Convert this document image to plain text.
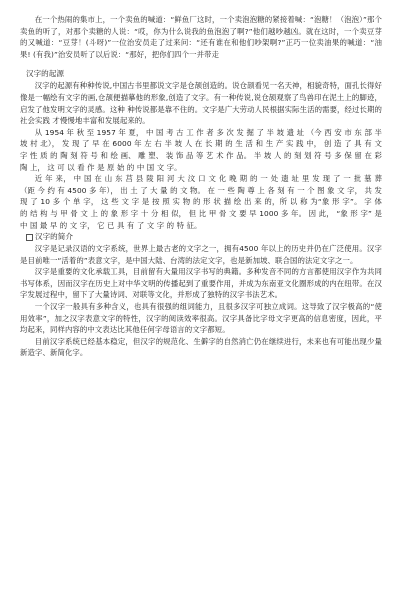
在一个热闹的集市上，一个卖鱼的喊道：“鲜鱼厂这时，一个卖泡泡糖的紧接着喊：“泡糖！（泡泡）”那个卖鱼的听了，对那个卖糖的人说：“哎，你为什么说我的鱼泡泡了啊?”他们越吵越凶。就在这时，一个卖豆芽的又喊道：“豆芽！(斗呀)”一位治安员走了过来问：“还有谁在和他们吵架啊?”正巧一位卖油果的喊道：“油果! (有我)”治安员听了以后说：“那好，把你们四个一并带走

汉字的起源

汉字的起源有种种传说,中国古书里都说文字是仓颉创造的。说仓颉看见一名天神，相貌奇特，面孔长得好像是一幅绘有文字的画,仓颉便描摹他的形象,创造了文字。有一种传说,说仓颉观察了鸟兽印在泥土上的脚迹，启发了他发明文字的灵感。这种 种传说都是靠不住的。文字是广大劳动人民根据实际生活的需要，经过长期的社会实践 才慢慢地丰富和发展起来的。

从 1954 年 秋 至 1957 年 夏， 中 国 考 古 工 作 者 多 次 发 掘 了 半 坡 遗 址 （今 西 安 市 东 部 半 坡 村 北）， 发 现 了 早 在 6000 年 左 右 半 坡 人 在 长 期 的 生 活 和 生 产 实 践 中， 创 造 了 具 有 文 字 性 质 的 陶 刻 符 号 和 绘 画、 雕 塑、 装 饰 品 等 艺 术 作 品。 半 坡 人 的 刻 划 符 号 多 保 留 在 彩 陶 上， 这 可 以 看 作 是 原 始 的 中 国 文 字。

近 年 来， 中 国 在 山 东 莒 县 陵 阳 河 大 汶 口 文 化 晚 期 的 一 处 遗 址 里 发 现 了 一 批 墓 葬 （距 今 约 有 4500 多 年）， 出 土 了 大 量 的 文 物。 在 一 些 陶 尊 上 各 刻 有 一 个 图 象 文 字， 共 发 现 了 10 多 个 单 字， 这 些 文 字 是 按 照 实 物 的 形 状 描 绘 出 来 的，所 以 称 为“象 形 字”。 字 体 的 结 构 与 甲 骨 文 上 的 象 形 字 十 分 相 似， 但 比 甲 骨 文 要 早 1000 多 年。 因 此， “象 形 字” 是 中 国 最 早 的 文 字， 它 已 具 有 了 文 字 的 特 征。

汉字的简介

汉字是记录汉语的文字系统，世界上最古老的文字之一，拥有4500 年以上的历史并仍在广泛使用。汉字是目前唯一“活着的”表意文字，是中国大陆、台湾的法定文字，也是新加坡、联合国的法定文字之一。

汉字是重要的文化承载工具，目前留有大量用汉字书写的典籍。多种发音不同的方言都使用汉字作为共同书写体系，因而汉字在历史上对中华文明的传播起到了重要作用，并成为东南亚文化圈形成的内在纽带。在汉字发展过程中，留下了大量诗词、对联等文化，并形成了独特的汉字书法艺术。

一个汉字一般具有多种含义，也具有很强的组词能力，且很多汉字可独立成词。这导致了汉字极高的“使用效率”，加之汉字表意文字的特性，汉字的阅读效率很高。汉字具备比字母文字更高的信息密度，因此，平均起来，同样内容的中文表达比其他任何字母语言的文字都短。

目前汉字系统已经基本稳定，但汉字的规范化、生僻字的自然消亡仍在继续进行，未来也有可能出现少量新造字、新简化字。
